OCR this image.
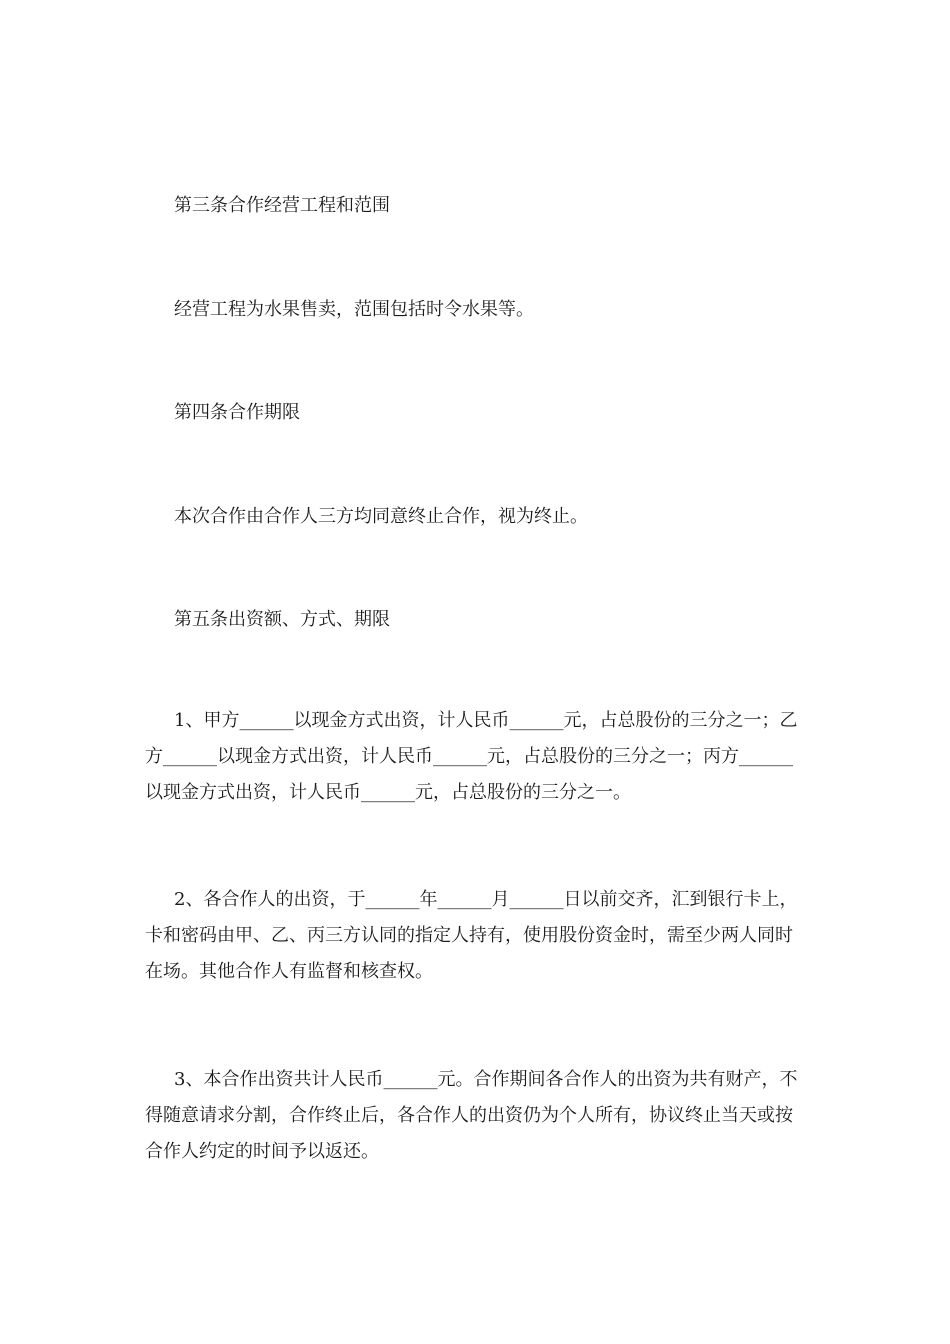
第三条合作经营工程和范围

经营工程为水果售卖，范围包括时令水果等。

第四条合作期限

本次合作由合作人三方均同意终止合作，视为终止。

第五条出资额、方式、期限

1、甲方______以现金方式出资，计人民币______元，占总股份的三分之一；乙方______以现金方式出资，计人民币______元，占总股份的三分之一；丙方______以现金方式出资，计人民币______元，占总股份的三分之一。

2、各合作人的出资，于______年______月______日以前交齐，汇到银行卡上，卡和密码由甲、乙、丙三方认同的指定人持有，使用股份资金时，需至少两人同时在场。其他合作人有监督和核查权。

3、本合作出资共计人民币______元。合作期间各合作人的出资为共有财产，不得随意请求分割，合作终止后，各合作人的出资仍为个人所有，协议终止当天或按合作人约定的时间予以返还。
